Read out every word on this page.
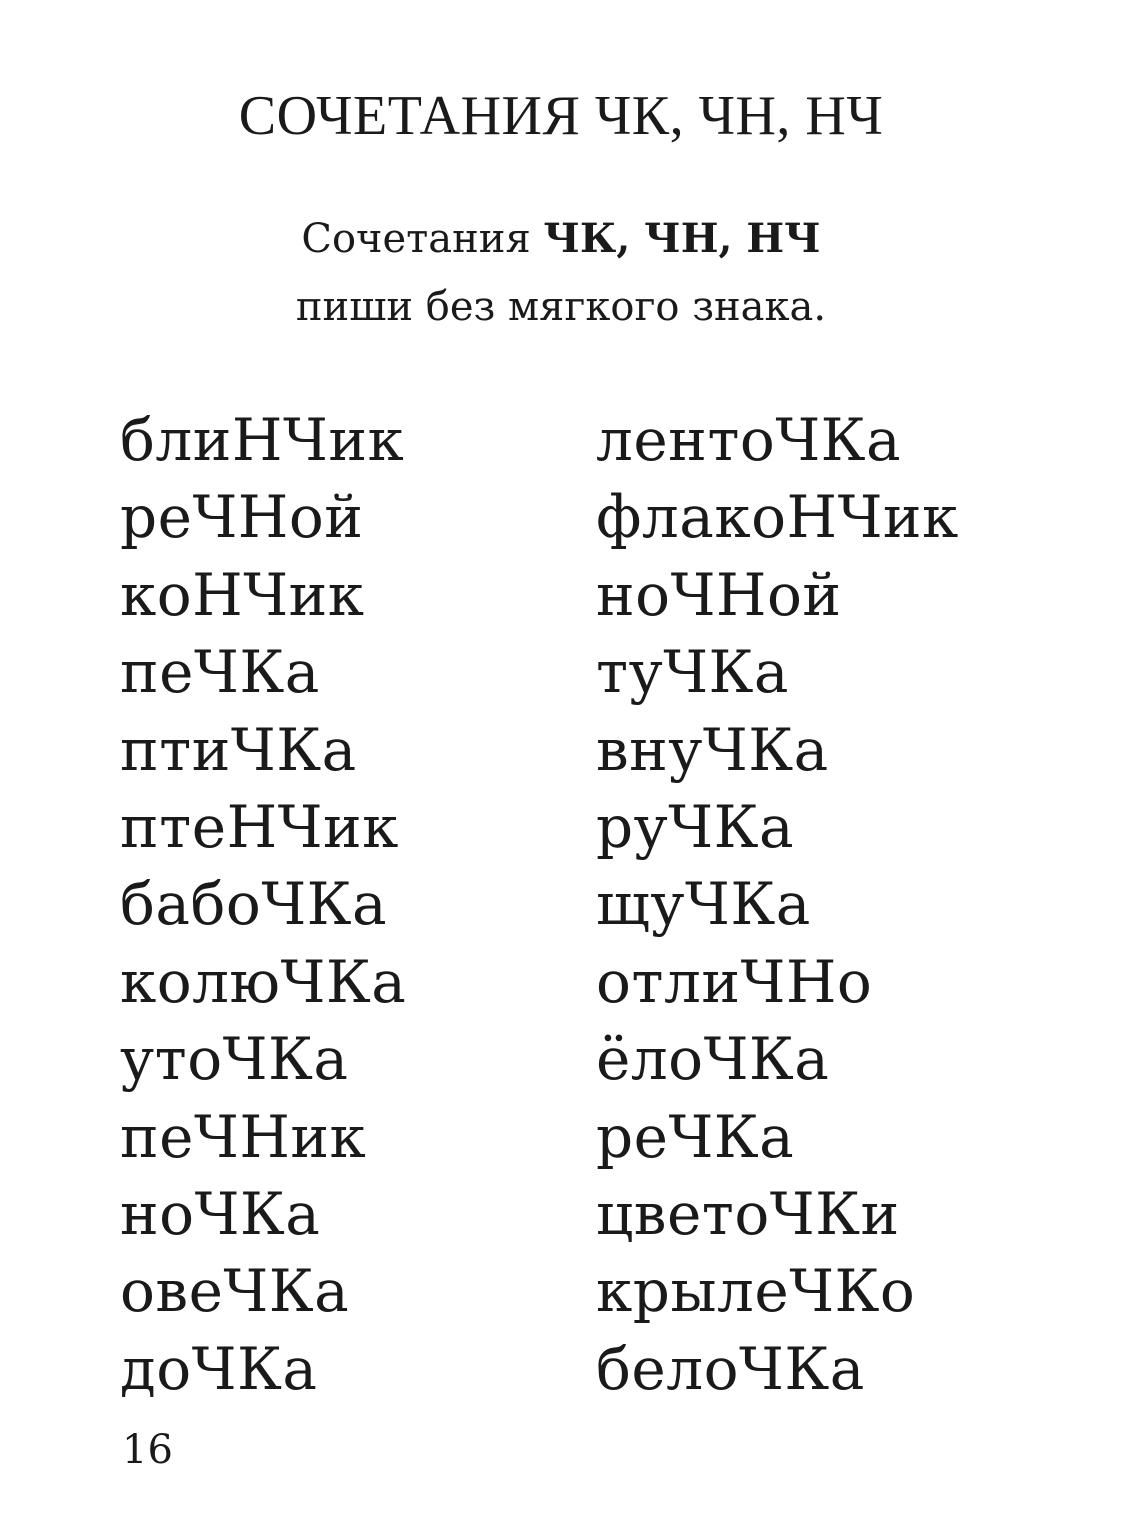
СОЧЕТАНИЯ ЧК, ЧН, НЧ

Сочетания ЧК, ЧН, НЧ
пиши без мягкого знака.

блиНЧик
реЧНой
коНЧик
пеЧКа
птиЧКа
птеНЧик
бaбoЧКа
колюЧКа
утоЧКа
пеЧНик
ноЧКа
овеЧКа
доЧКа
лентоЧКа
флакоНЧик
ноЧНой
туЧКа
внуЧКа
руЧКа
щуЧКа
отлиЧНо
ёлоЧКа
реЧКа
цветоЧКи
крылеЧКо
белоЧКа
16
